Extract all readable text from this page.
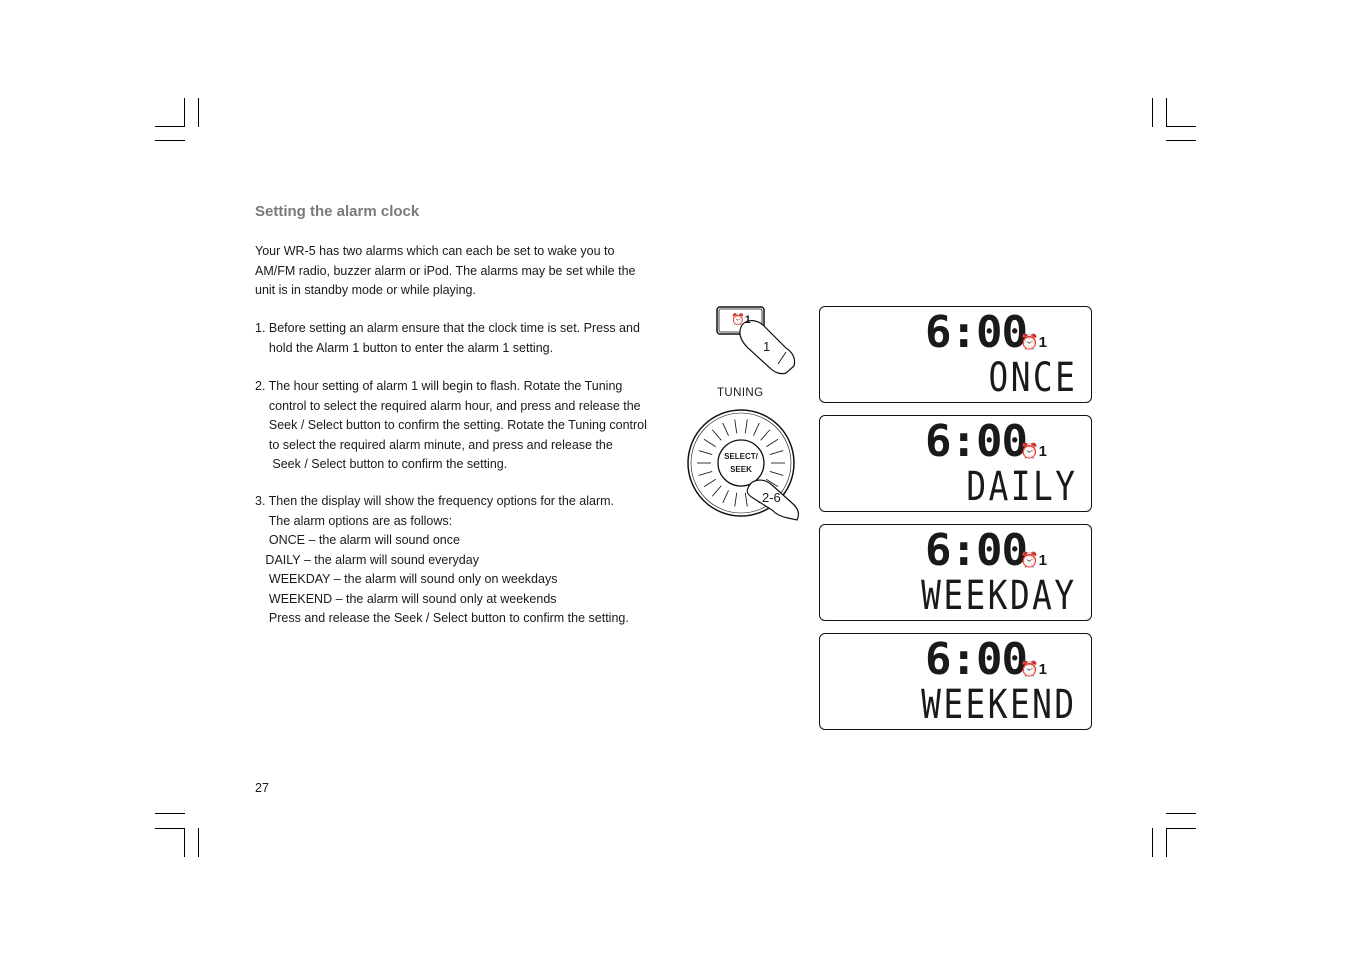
Setting the alarm clock
Your WR-5 has two alarms which can each be set to wake you to
AM/FM radio, buzzer alarm or iPod. The alarms may be set while the
unit is in standby mode or while playing.
1. Before setting an alarm ensure that the clock time is set. Press and
hold the Alarm 1 button to enter the alarm 1 setting.
2. The hour setting of alarm 1 will begin to flash. Rotate the Tuning
control to select the required alarm hour, and press and release the
Seek / Select button to confirm the setting. Rotate the Tuning control
to select the required alarm minute, and press and release the
Seek / Select button to confirm the setting.
3. Then the display will show the frequency options for the alarm.
The alarm options are as follows:
ONCE – the alarm will sound once
DAILY – the alarm will sound everyday
WEEKDAY – the alarm will sound only on weekdays
WEEKEND – the alarm will sound only at weekends
Press and release the Seek / Select button to confirm the setting.
27
⏰1
1
TUNING
SELECT/
SEEK
2-6
6:00
⏰1
ONCE
6:00
⏰1
DAILY
6:00
⏰1
WEEKDAY
6:00
⏰1
WEEKEND
